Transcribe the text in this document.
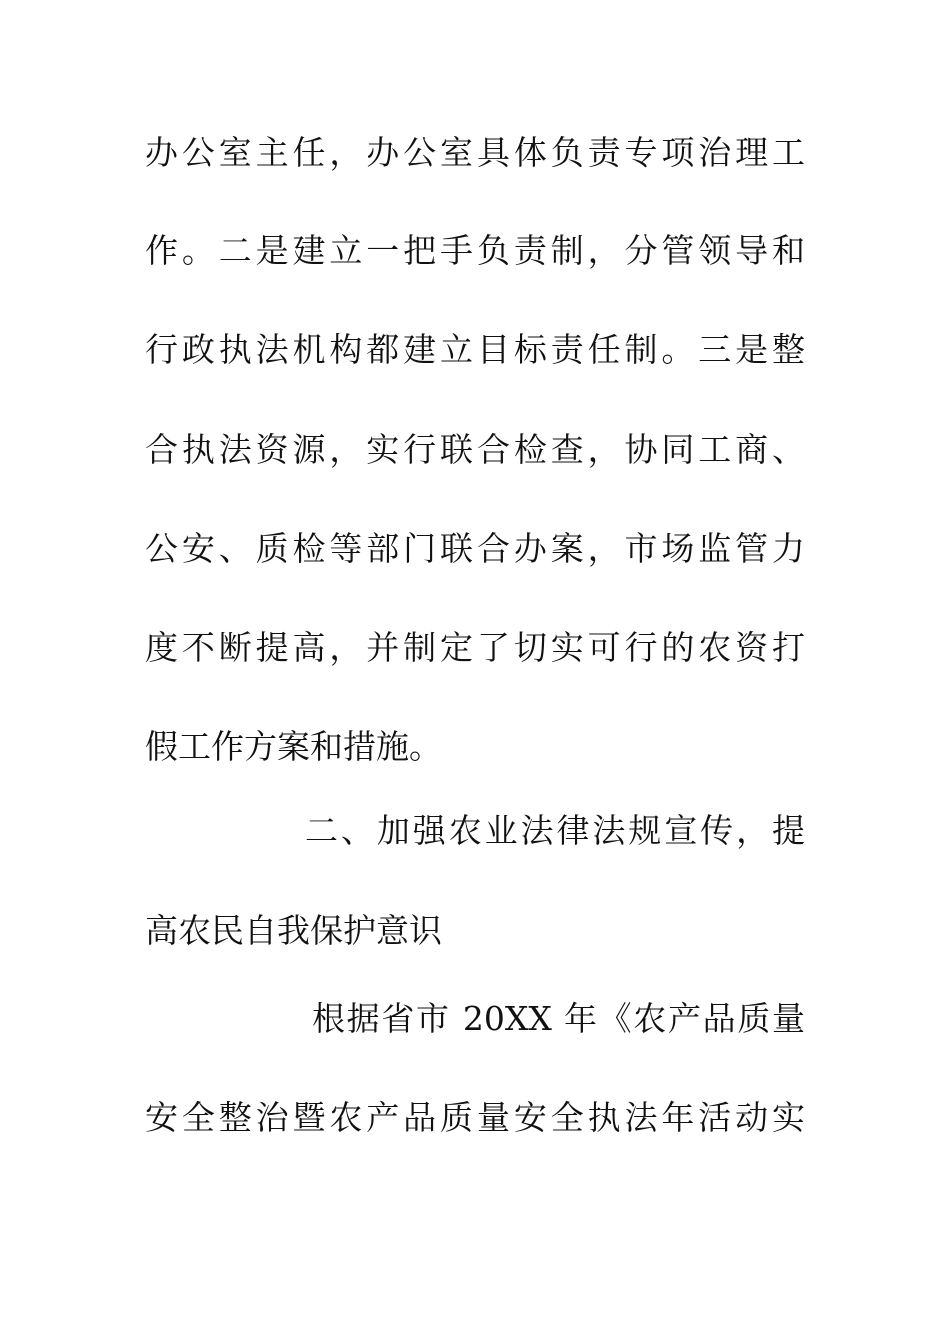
办公室主任，办公室具体负责专项治理工
作。二是建立一把手负责制，分管领导和
行政执法机构都建立目标责任制。三是整
合执法资源，实行联合检查，协同工商、
公安、质检等部门联合办案，市场监管力
度不断提高，并制定了切实可行的农资打
假工作方案和措施。
二、加强农业法律法规宣传，提
高农民自我保护意识
根据省市 20XX 年《农产品质量
安全整治暨农产品质量安全执法年活动实
